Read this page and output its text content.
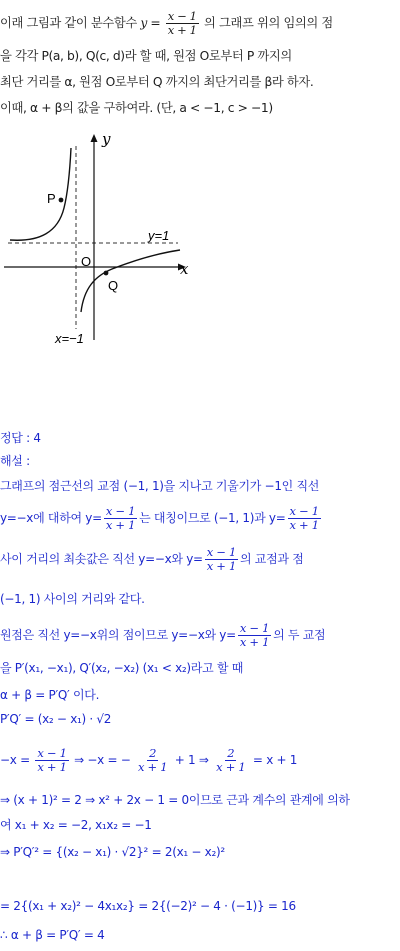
이래 그림과 같이 분수함수 $y = \frac{x - 1}{x + 1}$ 의 그래프 위의 임의의 점
을 각각 P(a, b), Q(c, d)라 할 때, 원점 O로부터 P 까지의
최단 거리를 α, 원점 O로부터 Q 까지의 최단거리를 β라 하자.
이때, α + β의 값을 구하여라. (단, a < −1, c > −1)
P
Q
O
y
x
y=1
x=−1
정답 : 4
해설 :
그래프의 점근선의 교점 (−1, 1)을 지나고 기울기가 −1인 직선
y=−x에 대하여 $y= \frac{x - 1}{x + 1}$ 는 대칭이므로 (−1, 1)과 $y= \frac{x - 1}{x + 1}$
사이 거리의 최솟값은 직선 y=−x와 $y= \frac{x - 1}{x + 1}$ 의 교점과 점
(−1, 1) 사이의 거리와 같다.
원점은 직선 y=−x위의 점이므로 y=−x와 $y= \frac{x - 1}{x + 1}$ 의 두 교점
을 P′(x₁, −x₁), Q′(x₂, −x₂) (x₁ < x₂)라고 할 때
α + β = P′Q′ 이다.
P′Q′ = (x₂ − x₁) · √2
$-x = \frac{x - 1}{x + 1}$ ⇒ −x = − $\frac{2}{x + 1} + 1$ ⇒ $\frac{2}{x + 1} = x + 1$
⇒ (x + 1)² = 2 ⇒ x² + 2x − 1 = 0이므로 근과 계수의 관계에 의하
여 x₁ + x₂ = −2, x₁x₂ = −1
⇒ P′Q′² = {(x₂ − x₁) · √2}² = 2(x₁ − x₂)²
= 2{(x₁ + x₂)² − 4x₁x₂} = 2{(−2)² − 4 · (−1)} = 16
∴ α + β = P′Q′ = 4
